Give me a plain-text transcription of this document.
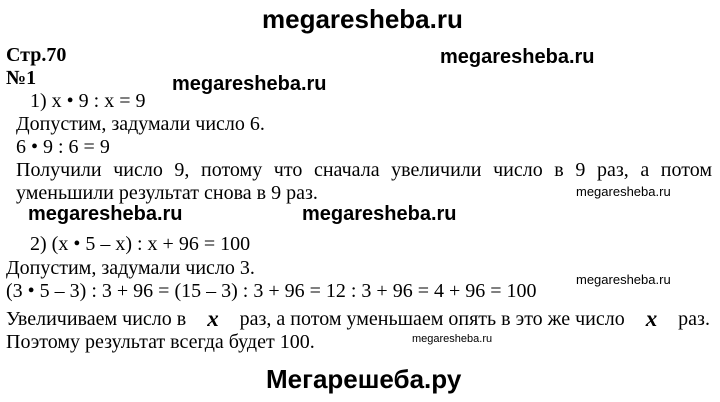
megaresheba.ru
megaresheba.ru
megaresheba.ru
megaresheba.ru
megaresheba.ru	megaresheba.ru
megaresheba.ru
megaresheba.ru
Мегарешеба.ру
Стр.70
№1
1) x • 9 : x = 9
Допустим, задумали число 6.
6 • 9 : 6 = 9
Получили число 9, потому что сначала увеличили число в 9 раз, а потом
уменьшили результат снова в 9 раз.
2) (x • 5 – x) : x + 96 = 100
Допустим, задумали число 3.
(3 • 5 – 3) : 3 + 96 = (15 – 3) : 3 + 96 = 12 : 3 + 96 = 4 + 96 = 100
Увеличиваем число в x раз, а потом уменьшаем опять в это же число x раз.
Поэтому результат всегда будет 100.
